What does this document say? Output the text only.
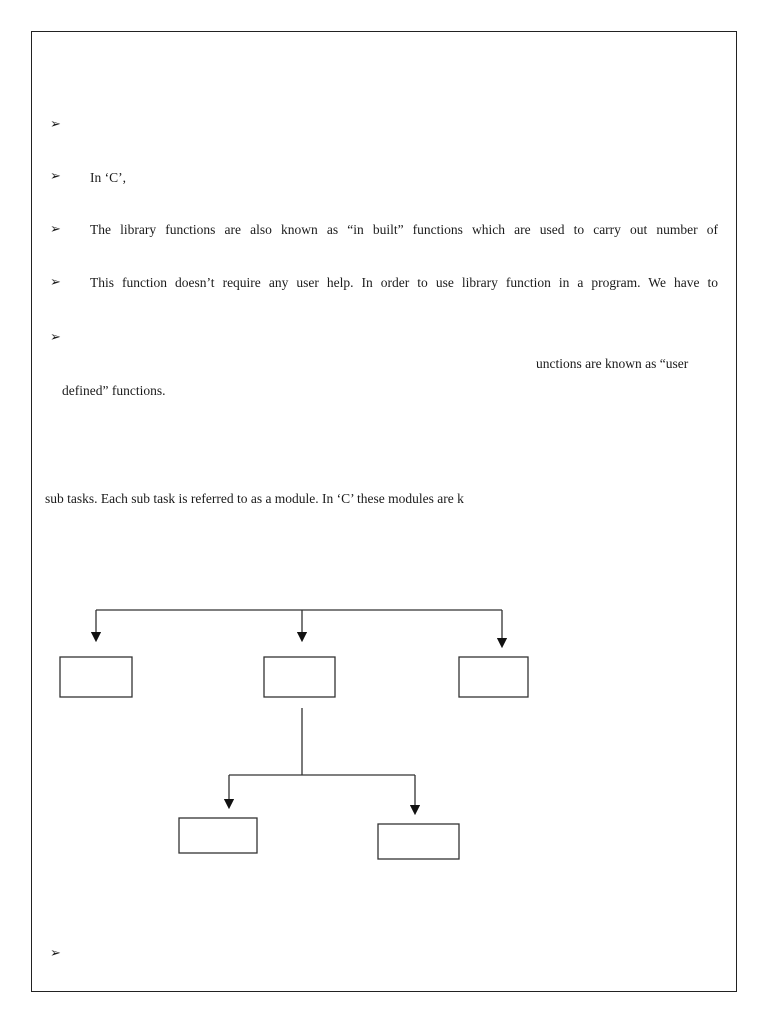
➢
➢
➢
➢
➢
➢
In ‘C’,
The library functions are also known as “in built” functions which are used to carry out number of
This function doesn’t require any user help. In order to use library function in a program. We have to
unctions are known as “user
defined” functions.
sub tasks. Each sub task is referred to as a module. In ‘C’ these modules are k
